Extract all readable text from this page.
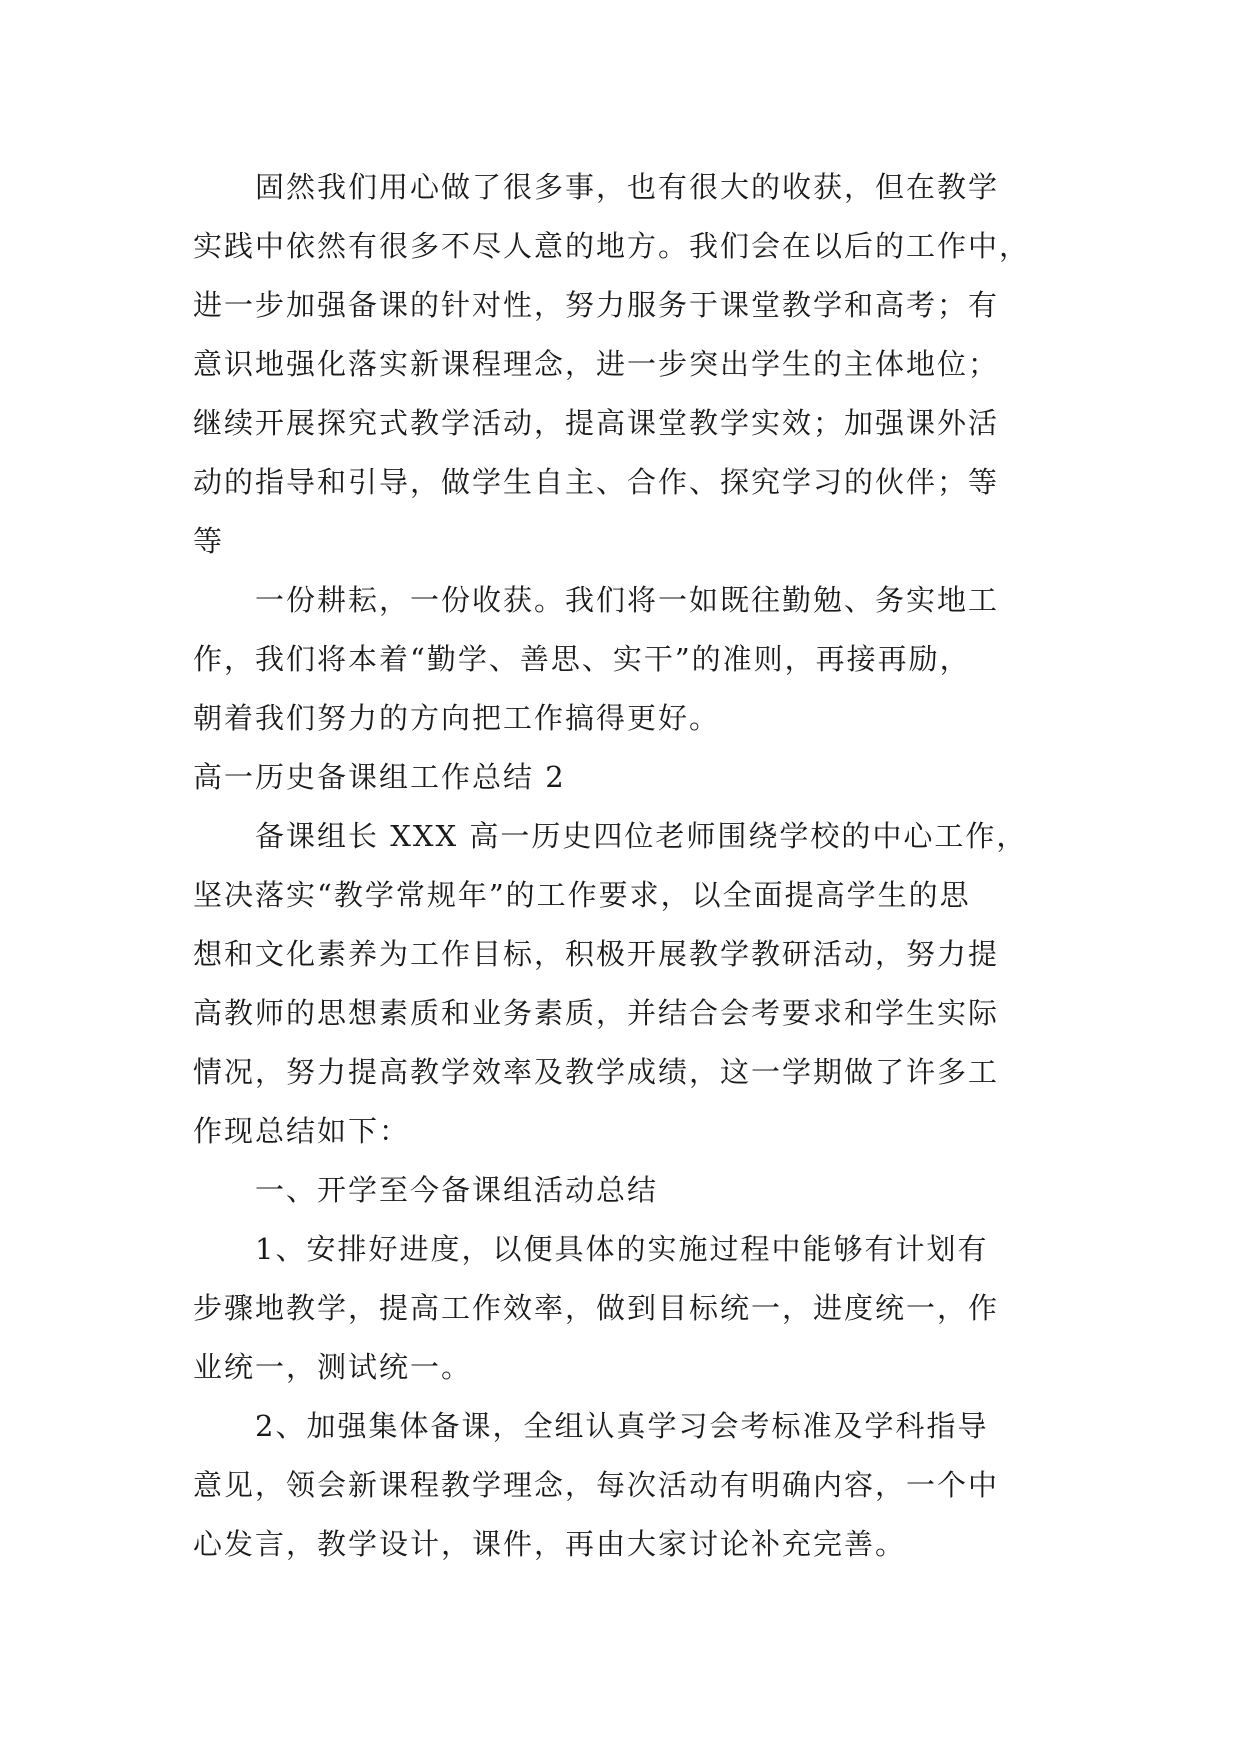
固然我们用心做了很多事，也有很大的收获，但在教学
实践中依然有很多不尽人意的地方。我们会在以后的工作中，
进一步加强备课的针对性，努力服务于课堂教学和高考；有
意识地强化落实新课程理念，进一步突出学生的主体地位；
继续开展探究式教学活动，提高课堂教学实效；加强课外活
动的指导和引导，做学生自主、合作、探究学习的伙伴；等
等
一份耕耘，一份收获。我们将一如既往勤勉、务实地工
作，我们将本着“勤学、善思、实干”的准则，再接再励，
朝着我们努力的方向把工作搞得更好。
高一历史备课组工作总结 2
备课组长 XXX 高一历史四位老师围绕学校的中心工作，
坚决落实“教学常规年”的工作要求，以全面提高学生的思
想和文化素养为工作目标，积极开展教学教研活动，努力提
高教师的思想素质和业务素质，并结合会考要求和学生实际
情况，努力提高教学效率及教学成绩，这一学期做了许多工
作现总结如下：
一、开学至今备课组活动总结
1、安排好进度，以便具体的实施过程中能够有计划有
步骤地教学，提高工作效率，做到目标统一，进度统一，作
业统一，测试统一。
2、加强集体备课，全组认真学习会考标准及学科指导
意见，领会新课程教学理念，每次活动有明确内容，一个中
心发言，教学设计，课件，再由大家讨论补充完善。
